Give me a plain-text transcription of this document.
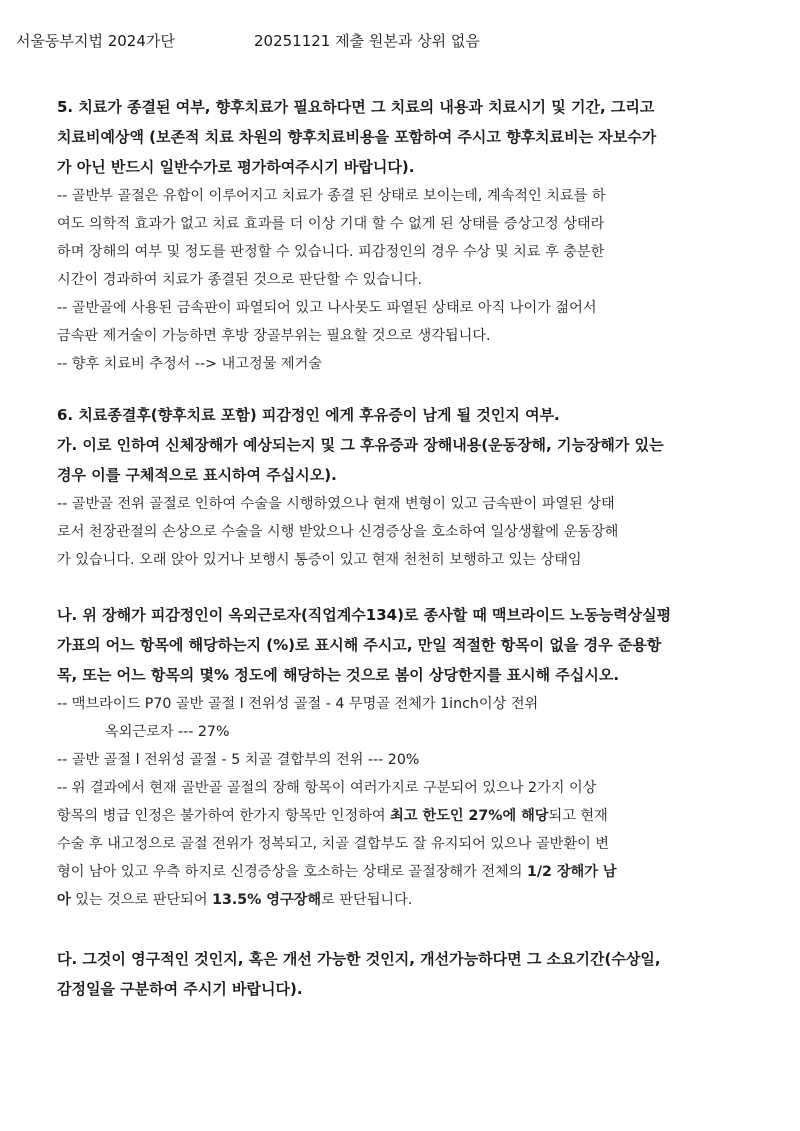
서울동부지법 2024가단	20251121 제출 원본과 상위 없음

5. 치료가 종결된 여부, 향후치료가 필요하다면 그 치료의 내용과 치료시기 및 기간, 그리고

치료비예상액 (보존적 치료 차원의 향후치료비용을 포함하여 주시고 향후치료비는 자보수가

가 아닌 반드시 일반수가로 평가하여주시기 바랍니다).

-- 골반부 골절은 유합이 이루어지고 치료가 종결 된 상태로 보이는데, 계속적인 치료를 하

여도 의학적 효과가 없고 치료 효과를 더 이상 기대 할 수 없게 된 상태를 증상고정 상태라

하며 장해의 여부 및 정도를 판정할 수 있습니다. 피감정인의 경우 수상 및 치료 후 충분한

시간이 경과하여 치료가 종결된 것으로 판단할 수 있습니다.

-- 골반골에 사용된 금속판이 파열되어 있고 나사못도 파열된 상태로 아직 나이가 젊어서

금속판 제거술이 가능하면 후방 장골부위는 필요할 것으로 생각됩니다.

-- 향후 치료비 추정서 --> 내고정물 제거술

6. 치료종결후(향후치료 포함) 피감정인 에게 후유증이 남게 될 것인지 여부.

가. 이로 인하여 신체장해가 예상되는지 및 그 후유증과 장해내용(운동장해, 기능장해가 있는

경우 이를 구체적으로 표시하여 주십시오).

-- 골반골 전위 골절로 인하여 수술을 시행하였으나 현재 변형이 있고 금속판이 파열된 상태

로서 천장관절의 손상으로 수술을 시행 받았으나 신경증상을 호소하여 일상생활에 운동장해

가 있습니다. 오래 앉아 있거나 보행시 통증이 있고 현재 천천히 보행하고 있는 상태임

나. 위 장해가 피감정인이 옥외근로자(직업계수134)로 종사할 때 맥브라이드 노동능력상실평

가표의 어느 항목에 해당하는지 (%)로 표시해 주시고, 만일 적절한 항목이 없을 경우 준용항

목, 또는 어느 항목의 몇% 정도에 해당하는 것으로 봄이 상당한지를 표시해 주십시오.

-- 맥브라이드 P70 골반 골절 l 전위성 골절 - 4 무명골 전체가 1inch이상 전위

옥외근로자 --- 27%

-- 골반 골절 l 전위성 골절 - 5 치골 결합부의 전위 --- 20%

-- 위 결과에서 현재 골반골 골절의 장해 항목이 여러가지로 구분되어 있으나 2가지 이상

항목의 병급 인정은 불가하여 한가지 항목만 인정하여 최고 한도인 27%에 해당되고 현재

수술 후 내고정으로 골절 전위가 정복되고, 치골 결합부도 잘 유지되어 있으나 골반환이 변

형이 남아 있고 우측 하지로 신경증상을 호소하는 상태로 골절장해가 전체의 1/2 장해가 남

아 있는 것으로 판단되어 13.5% 영구장해로 판단됩니다.

다. 그것이 영구적인 것인지, 혹은 개선 가능한 것인지, 개선가능하다면 그 소요기간(수상일,

감정일을 구분하여 주시기 바랍니다).
